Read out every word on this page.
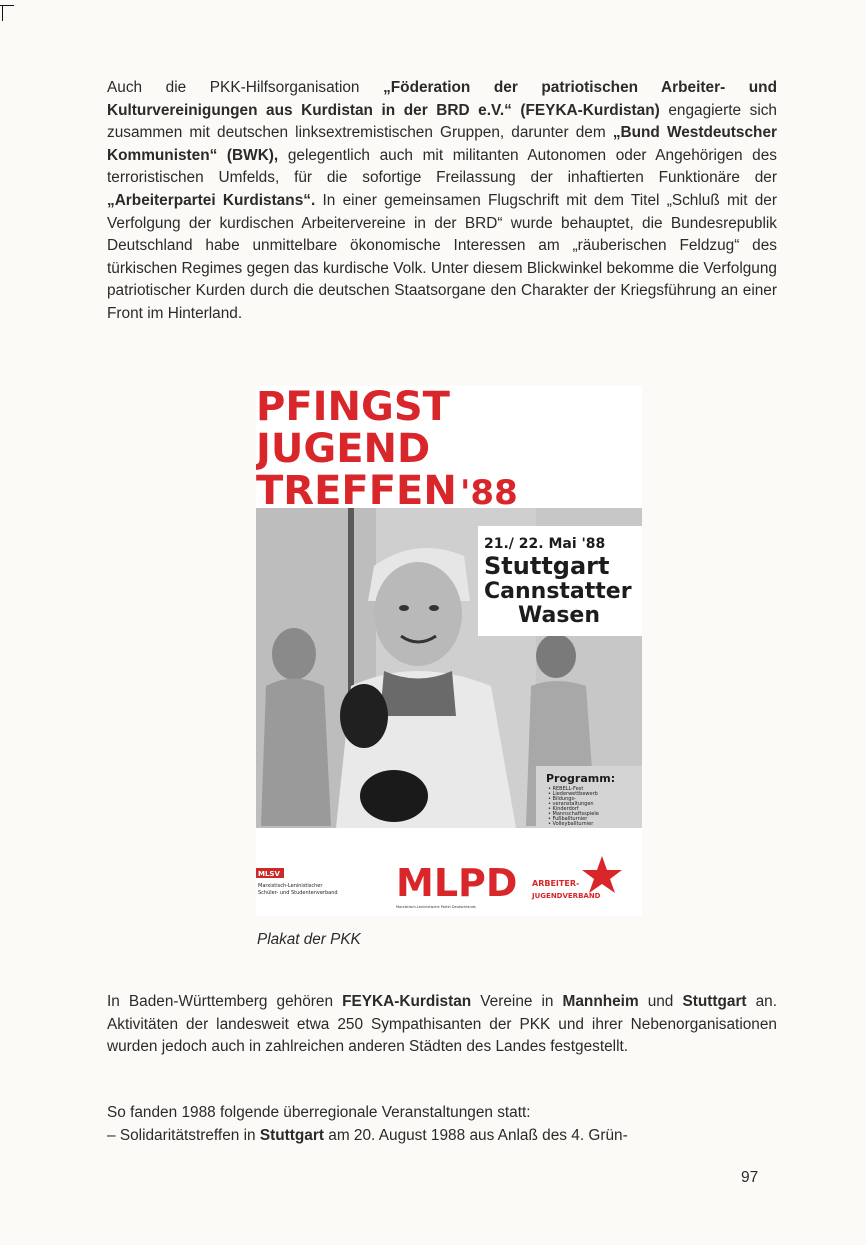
Auch die PKK-Hilfsorganisation „Föderation der patriotischen Arbeiter- und Kulturvereinigungen aus Kurdistan in der BRD e.V.“ (FEYKA-Kurdistan) engagierte sich zusammen mit deutschen linksextremistischen Gruppen, darunter dem „Bund Westdeutscher Kommunisten“ (BWK), gelegentlich auch mit militanten Autonomen oder Angehörigen des terroristischen Umfelds, für die sofortige Freilassung der inhaftierten Funktionäre der „Arbeiterpartei Kurdistans“. In einer gemeinsamen Flugschrift mit dem Titel „Schluß mit der Verfolgung der kurdischen Arbeitervereine in der BRD“ wurde behauptet, die Bundesrepublik Deutschland habe unmittelbare ökonomische Interessen am „räuberischen Feldzug“ des türkischen Regimes gegen das kurdische Volk. Unter diesem Blickwinkel bekomme die Verfolgung patriotischer Kurden durch die deutschen Staatsorgane den Charakter der Kriegsführung an einer Front im Hinterland.

PFINGST
JUGEND
TREFFEN '88
21./ 22. Mai '88
Stuttgart
Cannstatter
Wasen
Programm:
• REBELL-Fest
• Liederwettbewerb
• Bildungs-
• veranstaltungen
• Kinderdorf
• Mannschaftsspiele
• Fußballturnier
• Volleyballturnier
MLSV
Marxistisch-Leninistischer
Schüler- und Studentenverband MLPD
Marxistisch-Leninistische Partei Deutschlands
ARBEITER-
JUGENDVERBAND
Plakat der PKK

In Baden-Württemberg gehören FEYKA-Kurdistan Vereine in Mannheim und Stuttgart an. Aktivitäten der landesweit etwa 250 Sympathisanten der PKK und ihrer Nebenorganisationen wurden jedoch auch in zahlreichen anderen Städten des Landes festgestellt.

So fanden 1988 folgende überregionale Veranstaltungen statt:
– Solidaritätstreffen in Stuttgart am 20. August 1988 aus Anlaß des 4. Grün-
97
